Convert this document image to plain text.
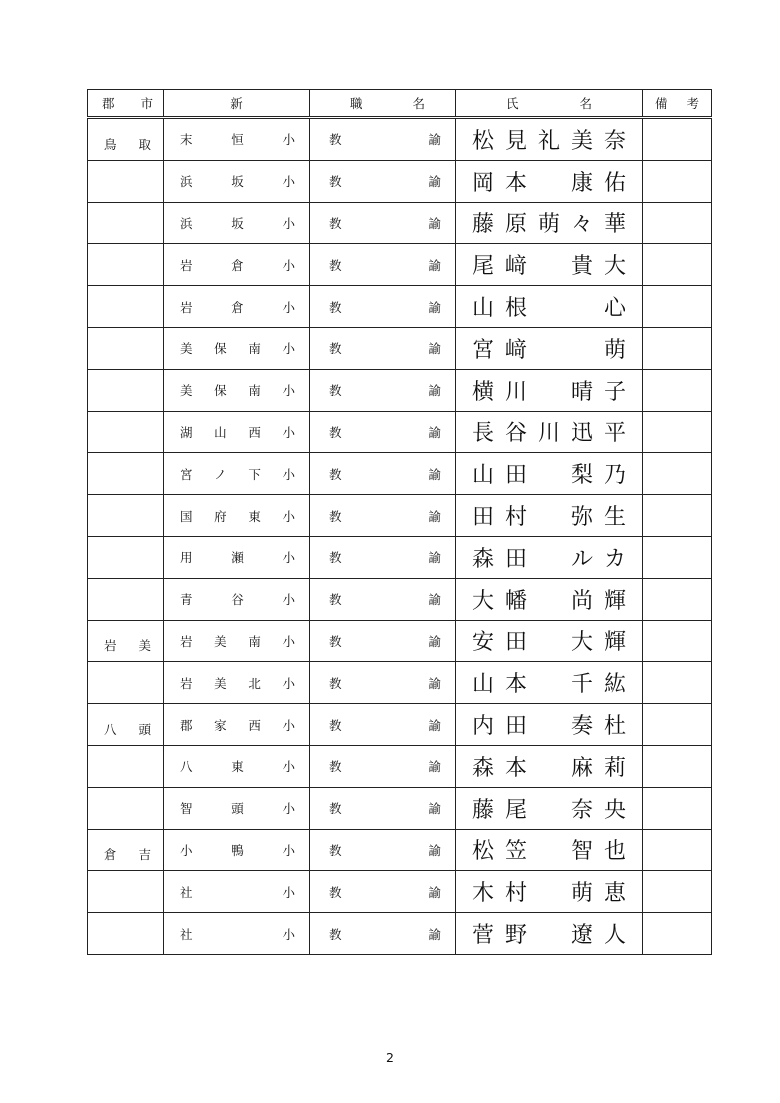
郡 市	新	職 名	氏 名	備 考

鳥 取	末 恒 小	教 諭	松 見 礼 美 奈	

	浜 坂 小	教 諭	岡 本 康 佑	

	浜 坂 小	教 諭	藤 原 萌 々 華	

	岩 倉 小	教 諭	尾 﨑 貴 大	

	岩 倉 小	教 諭	山 根 心	

	美 保 南 小	教 諭	宮 﨑 萌	

	美 保 南 小	教 諭	横 川 晴 子	

	湖 山 西 小	教 諭	長 谷 川 迅 平	

	宮 ノ 下 小	教 諭	山 田 梨 乃	

	国 府 東 小	教 諭	田 村 弥 生	

	用 瀬 小	教 諭	森 田 ル カ	

	青 谷 小	教 諭	大 幡 尚 輝	

岩 美	岩 美 南 小	教 諭	安 田 大 輝	

	岩 美 北 小	教 諭	山 本 千 紘	

八 頭	郡 家 西 小	教 諭	内 田 奏 杜	

	八 東 小	教 諭	森 本 麻 莉	

	智 頭 小	教 諭	藤 尾 奈 央	

倉 吉	小 鴨 小	教 諭	松 笠 智 也	

	社 小	教 諭	木 村 萌 恵	

	社 小	教 諭	菅 野 遼 人	

2
